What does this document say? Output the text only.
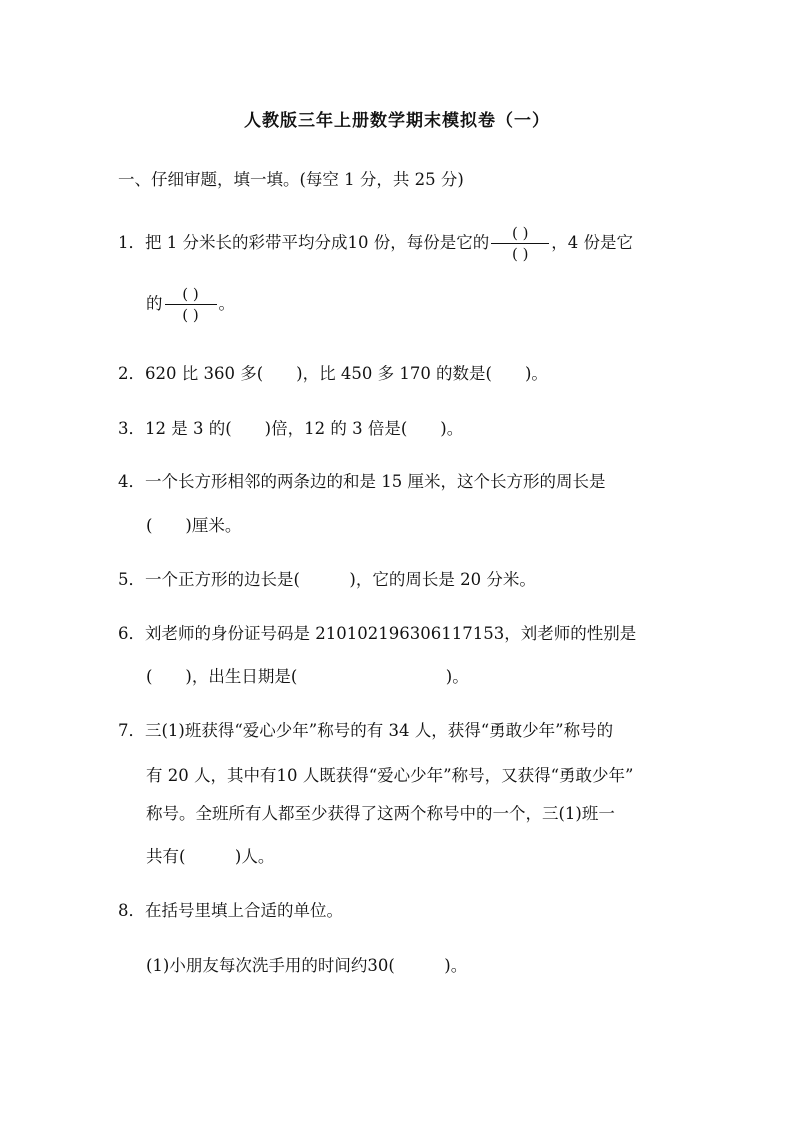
人教版三年上册数学期末模拟卷（一）
一、仔细审题，填一填。(每空 1 分，共 25 分)
1．把 1 分米长的彩带平均分成10 份，每份是它的 $\frac{( )}{( )}$ ，4 份是它
的 $\frac{( )}{( )}$ 。
2．620 比 360 多(　　)，比 450 多 170 的数是(　　)。
3．12 是 3 的(　　)倍，12 的 3 倍是(　　)。
4．一个长方形相邻的两条边的和是 15 厘米，这个长方形的周长是
(　　)厘米。
5．一个正方形的边长是(　　　)，它的周长是 20 分米。
6．刘老师的身份证号码是 210102196306117153，刘老师的性别是
(　　)，出生日期是(　　　　　　　　　)。
7．三(1)班获得“爱心少年”称号的有 34 人，获得“勇敢少年”称号的
有 20 人，其中有10 人既获得“爱心少年”称号，又获得“勇敢少年”
称号。全班所有人都至少获得了这两个称号中的一个，三(1)班一
共有(　　　)人。
8．在括号里填上合适的单位。
(1)小朋友每次洗手用的时间约30(　　　)。
